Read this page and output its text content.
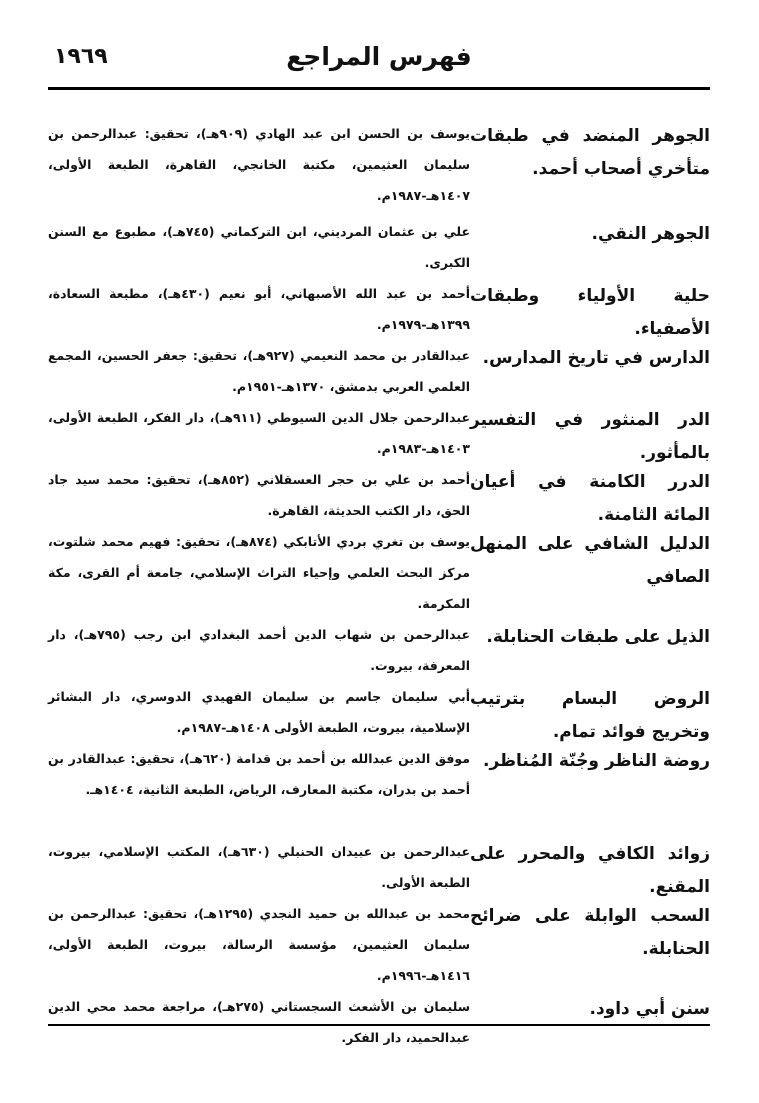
فهرس المراجع
١٩٦٩
الجوهر المنضد في طبقات متأخري أصحاب أحمد.
يوسف بن الحسن ابن عبد الهادي (٩٠٩هـ)، تحقيق: عبدالرحمن بن سليمان العثيمين، مكتبة الخانجي، القاهرة، الطبعة الأولى، ١٤٠٧هـ-١٩٨٧م.
الجوهر النقي.
علي بن عثمان المرديني، ابن التركماني (٧٤٥هـ)، مطبوع مع السنن الكبرى.
حلية الأولياء وطبقات الأصفياء.
أحمد بن عبد الله الأصبهاني، أبو نعيم (٤٣٠هـ)، مطبعة السعادة، ١٣٩٩هـ-١٩٧٩م.
الدارس في تاريخ المدارس.
عبدالقادر بن محمد النعيمي (٩٢٧هـ)، تحقيق: جعفر الحسين، المجمع العلمي العربي بدمشق، ١٣٧٠هـ-١٩٥١م.
الدر المنثور في التفسير بالمأثور.
عبدالرحمن جلال الدين السيوطي (٩١١هـ)، دار الفكر، الطبعة الأولى، ١٤٠٣هـ-١٩٨٣م.
الدرر الكامنة في أعيان المائة الثامنة.
أحمد بن علي بن حجر العسقلاني (٨٥٢هـ)، تحقيق: محمد سيد جاد الحق، دار الكتب الحديثة، القاهرة.
الدليل الشافي على المنهل الصافي
يوسف بن تغري بردي الأتابكي (٨٧٤هـ)، تحقيق: فهيم محمد شلتوت، مركز البحث العلمي وإحياء التراث الإسلامي، جامعة أم القرى، مكة المكرمة.
الذيل على طبقات الحنابلة.
عبدالرحمن بن شهاب الدين أحمد البغدادي ابن رجب (٧٩٥هـ)، دار المعرفة، بيروت.
الروض البسام بترتيب وتخريج فوائد تمام.
أبي سليمان جاسم بن سليمان الفهيدي الدوسري، دار البشائر الإسلامية، بيروت، الطبعة الأولى ١٤٠٨هـ-١٩٨٧م.
روضة الناظر وجُنّة المُناظر.
موفق الدين عبدالله بن أحمد بن قدامة (٦٢٠هـ)، تحقيق: عبدالقادر بن أحمد بن بدران، مكتبة المعارف، الرياض، الطبعة الثانية، ١٤٠٤هـ.
زوائد الكافي والمحرر على المقنع.
عبدالرحمن بن عبيدان الحنبلي (٦٣٠هـ)، المكتب الإسلامي، بيروت، الطبعة الأولى.
السحب الوابلة على ضرائح الحنابلة.
محمد بن عبدالله بن حميد النجدي (١٢٩٥هـ)، تحقيق: عبدالرحمن بن سليمان العثيمين، مؤسسة الرسالة، بيروت، الطبعة الأولى، ١٤١٦هـ-١٩٩٦م.
سنن أبي داود.
سليمان بن الأشعث السجستاني (٢٧٥هـ)، مراجعة محمد محي الدين عبدالحميد، دار الفكر.
